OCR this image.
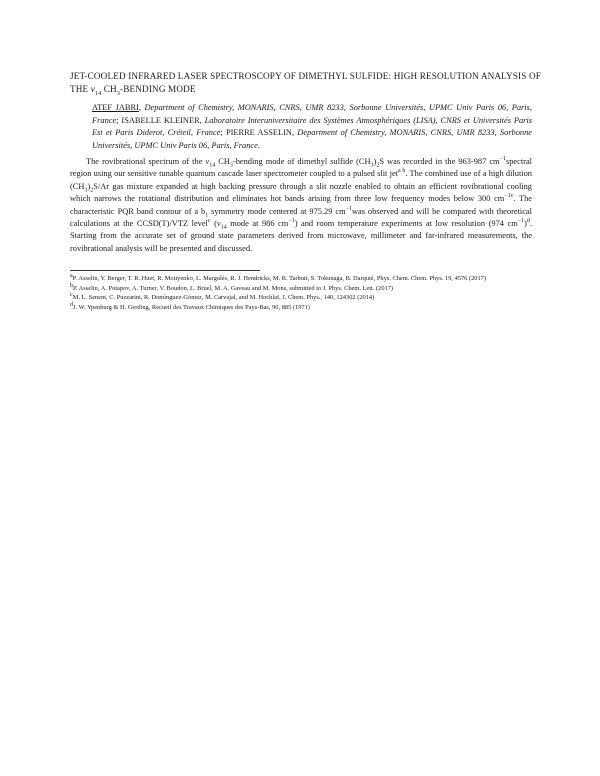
JET-COOLED INFRARED LASER SPECTROSCOPY OF DIMETHYL SULFIDE: HIGH RESOLUTION ANALYSIS OF THE $\nu_{14}$ $CH_3$-BENDING MODE
ATEF JABRI, Department of Chemistry, MONARIS, CNRS, UMR 8233, Sorbonne Universités, UPMC Univ Paris 06, Paris, France; ISABELLE KLEINER, Laboratoire Interuniversitaire des Systèmes Atmosphériques (LISA), CNRS et Universités Paris Est et Paris Diderot, Créteil, France; PIERRE ASSELIN, Department of Chemistry, MONARIS, CNRS, UMR 8233, Sorbonne Universités, UPMC Univ Paris 06, Paris, France.

The rovibrational spectrum of the $\nu_{14}$ $CH_3$-bending mode of dimethyl sulfide $(CH_3)_2S$ was recorded in the 963-987 $cm^{-1}spectral$ region using our sensitive tunable quantum cascade laser spectrometer coupled to a pulsed slit jet$^{a b}$. The combined use of a high dilution $(CH_3)_2S/Ar$ gas mixture expanded at high backing pressure through a slit nozzle enabled to obtain an efficient rovibrational cooling which narrows the rotational distribution and eliminates hot bands arising from three low frequency modes below 300 $cm^{-1c}$. The characteristic PQR band contour of a $b_1$ symmetry mode centered at 975.29 $cm^{-1}was$ observed and will be compared with theoretical calculations at the CCSD(T)/VTZ level$^c$ ($\nu_{14}$ mode at 986 $cm^{-1}$) and room temperature experiments at low resolution (974 $cm^{-1})^d$. Starting from the accurate set of ground state parameters derived from microwave, millimeter and far-infrared measurements, the rovibrational analysis will be presented and discussed.

$^a$P. Asselin, Y. Berger, T. R. Huet, R. Motiyenko, L. Margulès, R. J. Hendricks, M. R. Tarbutt, S. Tokunaga, B. Darquié, Phys. Chem. Chem. Phys. 19, 4576 (2017)

$^b$P. Asselin, A. Potapov, A. Turner, V. Boudon, L. Bruel, M. A. Gaveau and M. Mons, submitted to J. Phys. Chem. Lett. (2017)

$^c$M. L. Senent, C. Puzzarini, R. Domínguez-Gómez, M. Carvajal, and M. Hochlaf, J. Chem. Phys., 140, 124302 (2014)

$^d$J. W. Ypenburg & H. Gerding, Recueil des Travaux Chimiques des Pays-Bas, 90, 885 (1971)
